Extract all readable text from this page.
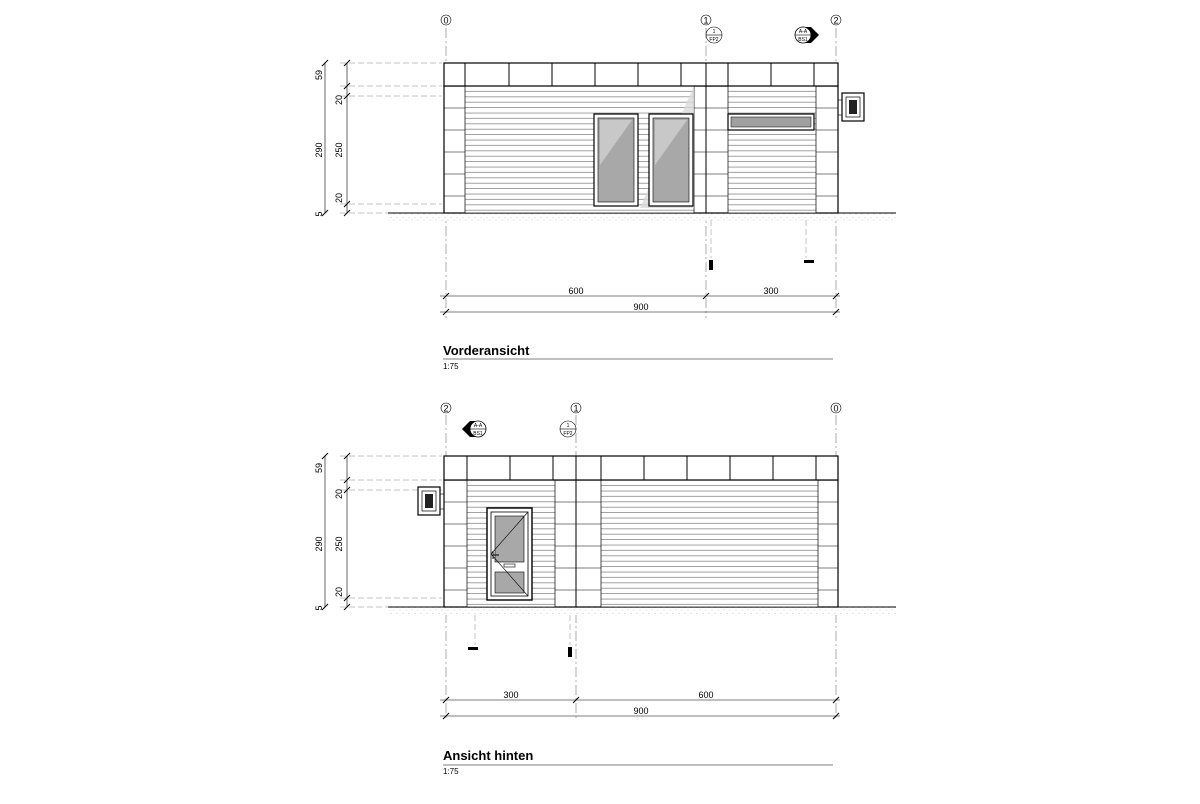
0	1	2
1
FP2
A-A
BS1
59
290
20
250
20
5
600	300
900
Vorderansicht
1:75
2	1	0
A-A
BS1
1
FP2
59
290
20
250
20
5
300	600
900
Ansicht hinten
1:75
